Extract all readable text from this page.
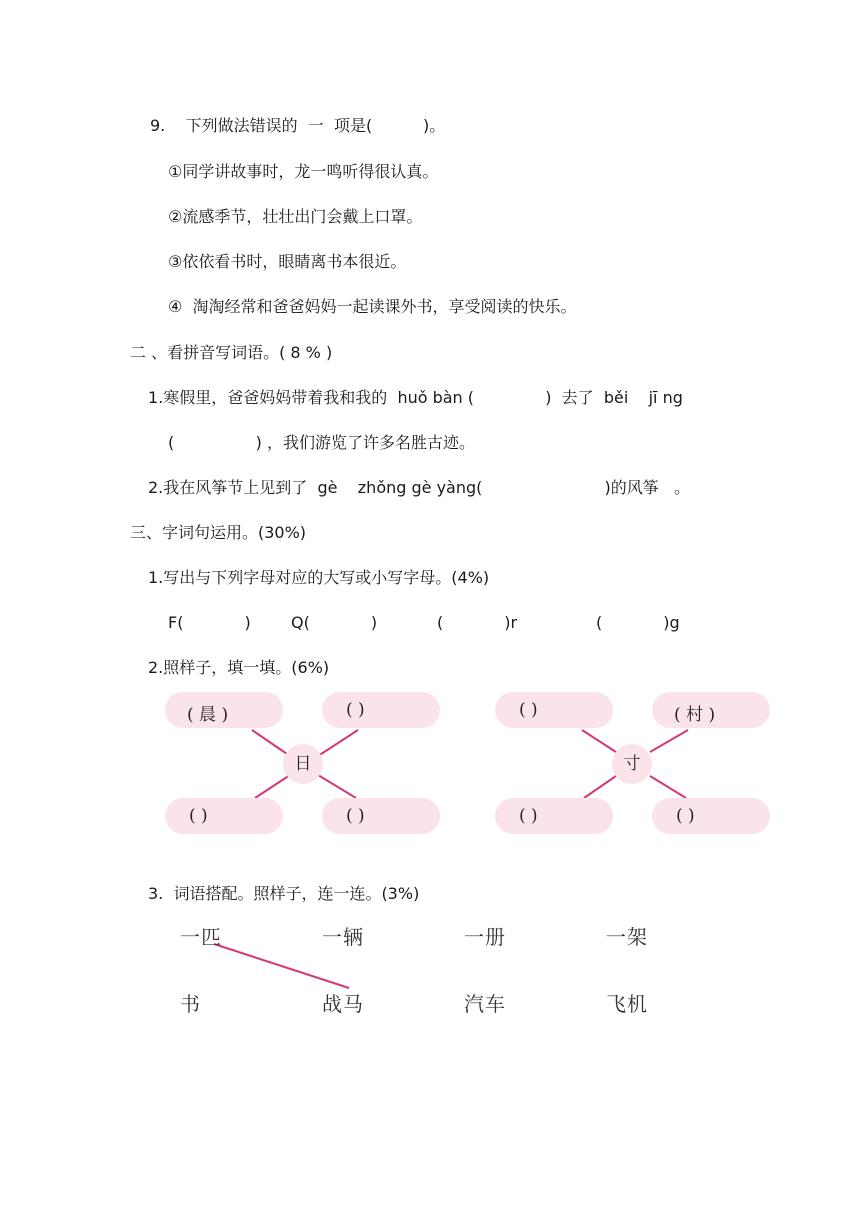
9.    下列做法错误的  一  项是(          )。
①同学讲故事时，龙一鸣听得很认真。
②流感季节，壮壮出门会戴上口罩。
③依依看书时，眼睛离书本很近。
④  淘淘经常和爸爸妈妈一起读课外书，享受阅读的快乐。
二 、看拼音写词语。( 8 % )
1.寒假里，爸爸妈妈带着我和我的  huǒ bàn (              )  去了  běi    jī ng
(                ) ，我们游览了许多名胜古迹。
2.我在风筝节上见到了  gè    zhǒng gè yàng(                        )的风筝   。
三、字词句运用。(30%)
1.写出与下列字母对应的大写或小写字母。(4%)
F(            )	Q(            )	(            )r	(            )g
2.照样子，填一填。(6%)
( 晨 )	( )
日
( )	( )
( )	( 村 )
寸
( )	( )
3.  词语搭配。照样子，连一连。(3%)
一匹	一辆	一册	一架
书	战马	汽车	飞机
